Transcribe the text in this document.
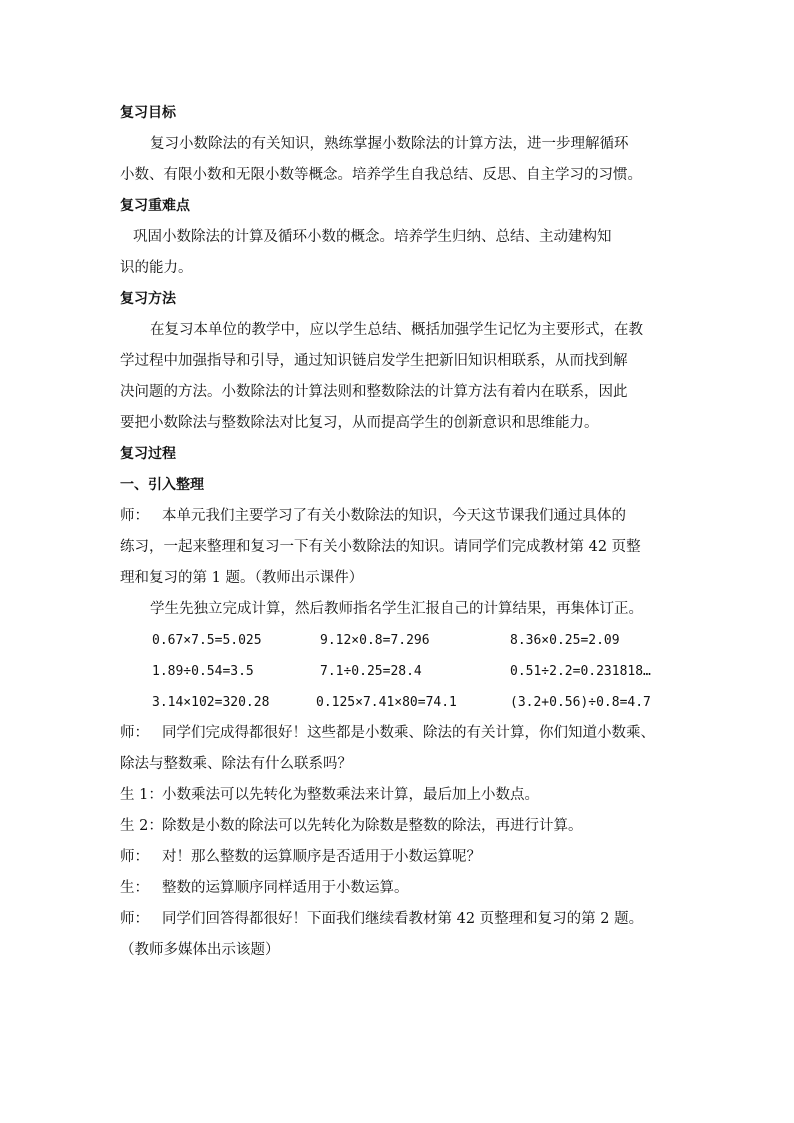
复习目标
复习小数除法的有关知识，熟练掌握小数除法的计算方法，进一步理解循环
小数、有限小数和无限小数等概念。培养学生自我总结、反思、自主学习的习惯。
复习重难点
巩固小数除法的计算及循环小数的概念。培养学生归纳、总结、主动建构知
识的能力。
复习方法
在复习本单位的教学中，应以学生总结、概括加强学生记忆为主要形式，在教
学过程中加强指导和引导，通过知识链启发学生把新旧知识相联系，从而找到解
决问题的方法。小数除法的计算法则和整数除法的计算方法有着内在联系，因此
要把小数除法与整数除法对比复习，从而提高学生的创新意识和思维能力。
复习过程
一、引入整理
师： 本单元我们主要学习了有关小数除法的知识，今天这节课我们通过具体的
练习，一起来整理和复习一下有关小数除法的知识。请同学们完成教材第 42 页整
理和复习的第 1 题。（教师出示课件）
学生先独立完成计算，然后教师指名学生汇报自己的计算结果，再集体订正。
0.67×7.5=5.025	9.12×0.8=7.296	8.36×0.25=2.09
1.89÷0.54=3.5	7.1÷0.25=28.4	0.51÷2.2=0.231818…
3.14×102=320.28	0.125×7.41×80=74.1	(3.2+0.56)÷0.8=4.7
师： 同学们完成得都很好！这些都是小数乘、除法的有关计算，你们知道小数乘、
除法与整数乘、除法有什么联系吗？
生 1：小数乘法可以先转化为整数乘法来计算，最后加上小数点。
生 2：除数是小数的除法可以先转化为除数是整数的除法，再进行计算。
师： 对！那么整数的运算顺序是否适用于小数运算呢？
生： 整数的运算顺序同样适用于小数运算。
师： 同学们回答得都很好！下面我们继续看教材第 42 页整理和复习的第 2 题。
（教师多媒体出示该题）
